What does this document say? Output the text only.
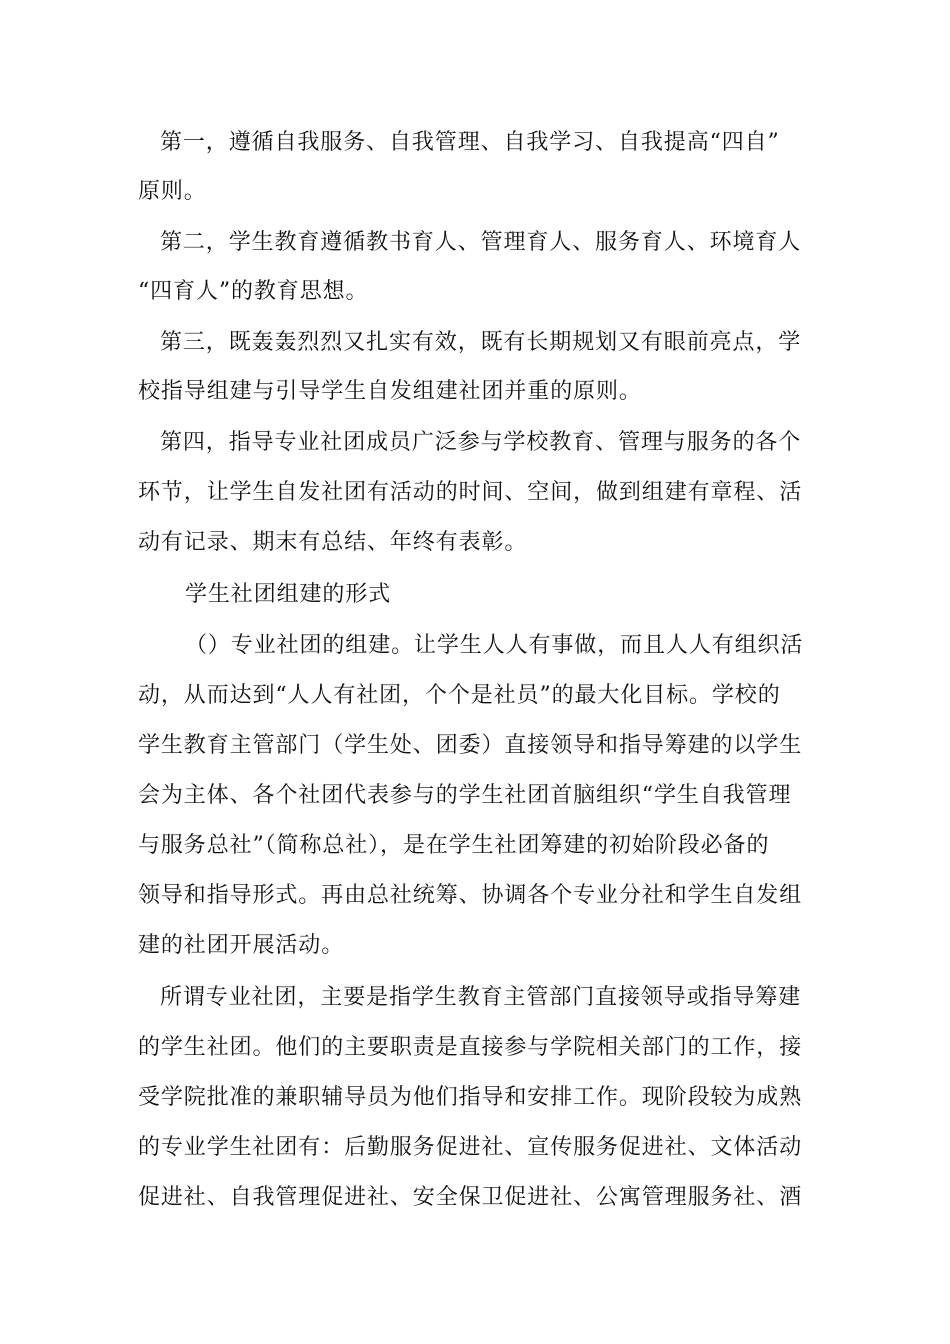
第一，遵循自我服务、自我管理、自我学习、自我提高“四自”
原则。
第二，学生教育遵循教书育人、管理育人、服务育人、环境育人
“四育人”的教育思想。
第三，既轰轰烈烈又扎实有效，既有长期规划又有眼前亮点，学
校指导组建与引导学生自发组建社团并重的原则。
第四，指导专业社团成员广泛参与学校教育、管理与服务的各个
环节，让学生自发社团有活动的时间、空间，做到组建有章程、活
动有记录、期末有总结、年终有表彰。
学生社团组建的形式
（）专业社团的组建。让学生人人有事做，而且人人有组织活
动，从而达到“人人有社团，个个是社员”的最大化目标。学校的
学生教育主管部门（学生处、团委）直接领导和指导筹建的以学生
会为主体、各个社团代表参与的学生社团首脑组织“学生自我管理
与服务总社”（简称总社），是在学生社团筹建的初始阶段必备的
领导和指导形式。再由总社统筹、协调各个专业分社和学生自发组
建的社团开展活动。
所谓专业社团，主要是指学生教育主管部门直接领导或指导筹建
的学生社团。他们的主要职责是直接参与学院相关部门的工作，接
受学院批准的兼职辅导员为他们指导和安排工作。现阶段较为成熟
的专业学生社团有：后勤服务促进社、宣传服务促进社、文体活动
促进社、自我管理促进社、安全保卫促进社、公寓管理服务社、酒
